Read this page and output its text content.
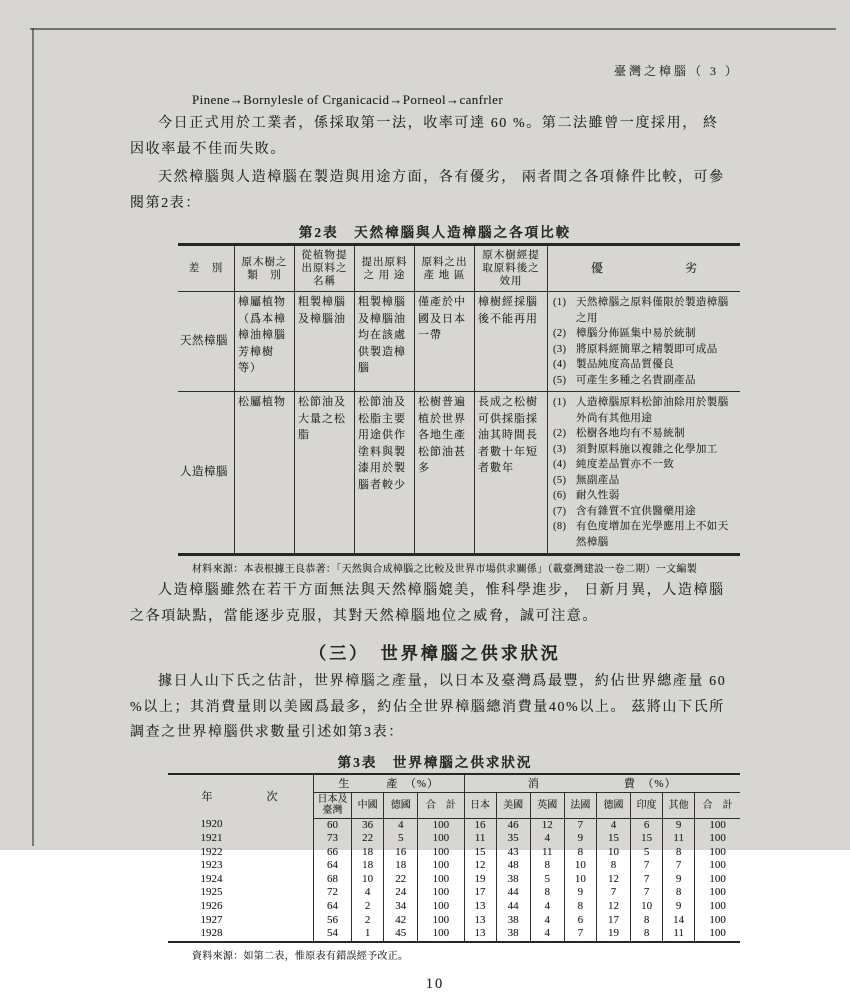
臺灣之樟腦（ 3 ）
Pinene→Bornylesle of Crganicacid→Porneol→canfrler
今日正式用於工業者，係採取第一法，收率可達 60 %。第二法雖曾一度採用， 終
因收率最不佳而失敗。
天然樟腦與人造樟腦在製造與用途方面，各有優劣， 兩者間之各項條件比較，可參
閱第2表：
第2表　天然樟腦與人造樟腦之各項比較
差　別	原木樹之類　別	從植物提出原料之名稱	提出原料之 用 途	原料之出產 地 區	原木樹經提取原料後之效用	優 劣

天然樟腦	樟屬植物（爲本樟樟油樟腦芳樟樹等）	粗製樟腦及樟腦油	粗製樟腦及樟腦油均在該處供製造樟腦	僅產於中國及日本一帶	樟樹經採腦後不能再用	
(1) 天然樟腦之原料僅限於製造樟腦之用
(2) 樟腦分佈區集中易於統制
(3) 將原料經簡單之精製即可成品
(4) 製品純度高品質優良
(5) 可產生多種之名貴副產品

人造樟腦	松屬植物	松節油及大量之松脂	松節油及松脂主要用途供作塗料與製漆用於製腦者較少	松樹普遍植於世界各地生產松節油甚多	長成之松樹可供採脂採油其時間長者數十年短者數年	
(1) 人造樟腦原料松節油除用於製腦外尚有其他用途
(2) 松樹各地均有不易統制
(3) 須對原料施以複雜之化學加工
(4) 純度差品質亦不一致
(5) 無副產品
(6) 耐久性弱
(7) 含有雜質不宜供醫藥用途
(8) 有色度增加在光學應用上不如天然樟腦
材料來源：本表根據王良恭著：「天然與合成樟腦之比較及世界市場供求關係」（載臺灣建設一卷二期）一文編製
人造樟腦雖然在若干方面無法與天然樟腦媲美，惟科學進步， 日新月異，人造樟腦
之各項缺點，當能逐步克服，其對天然樟腦地位之威脅，誠可注意。
（三）　世界樟腦之供求狀況
據日人山下氏之估計，世界樟腦之產量，以日本及臺灣爲最豐，約佔世界總產量 60
%以上；其消費量則以美國爲最多，約佔全世界樟腦總消費量40%以上。 茲將山下氏所
調查之世界樟腦供求數量引述如第3表：
第3表　世界樟腦之供求狀況
年　　　　次	生　　　產　（%）				消　　　　　　　費　（%）							
	日本及臺灣	中國	德國	合　計	日本	美國	英國	法國	德國	印度	其他	合　計
1920	60	36	4	100	16	46	12	7	4	6	9	100
1921	73	22	5	100	11	35	4	9	15	15	11	100
1922	66	18	16	100	15	43	11	8	10	5	8	100
1923	64	18	18	100	12	48	8	10	8	7	7	100
1924	68	10	22	100	19	38	5	10	12	7	9	100
1925	72	4	24	100	17	44	8	9	7	7	8	100
1926	64	2	34	100	13	44	4	8	12	10	9	100
1927	56	2	42	100	13	38	4	6	17	8	14	100
1928	54	1	45	100	13	38	4	7	19	8	11	100
資料來源：如第二表，惟原表有錯誤經予改正。
10
